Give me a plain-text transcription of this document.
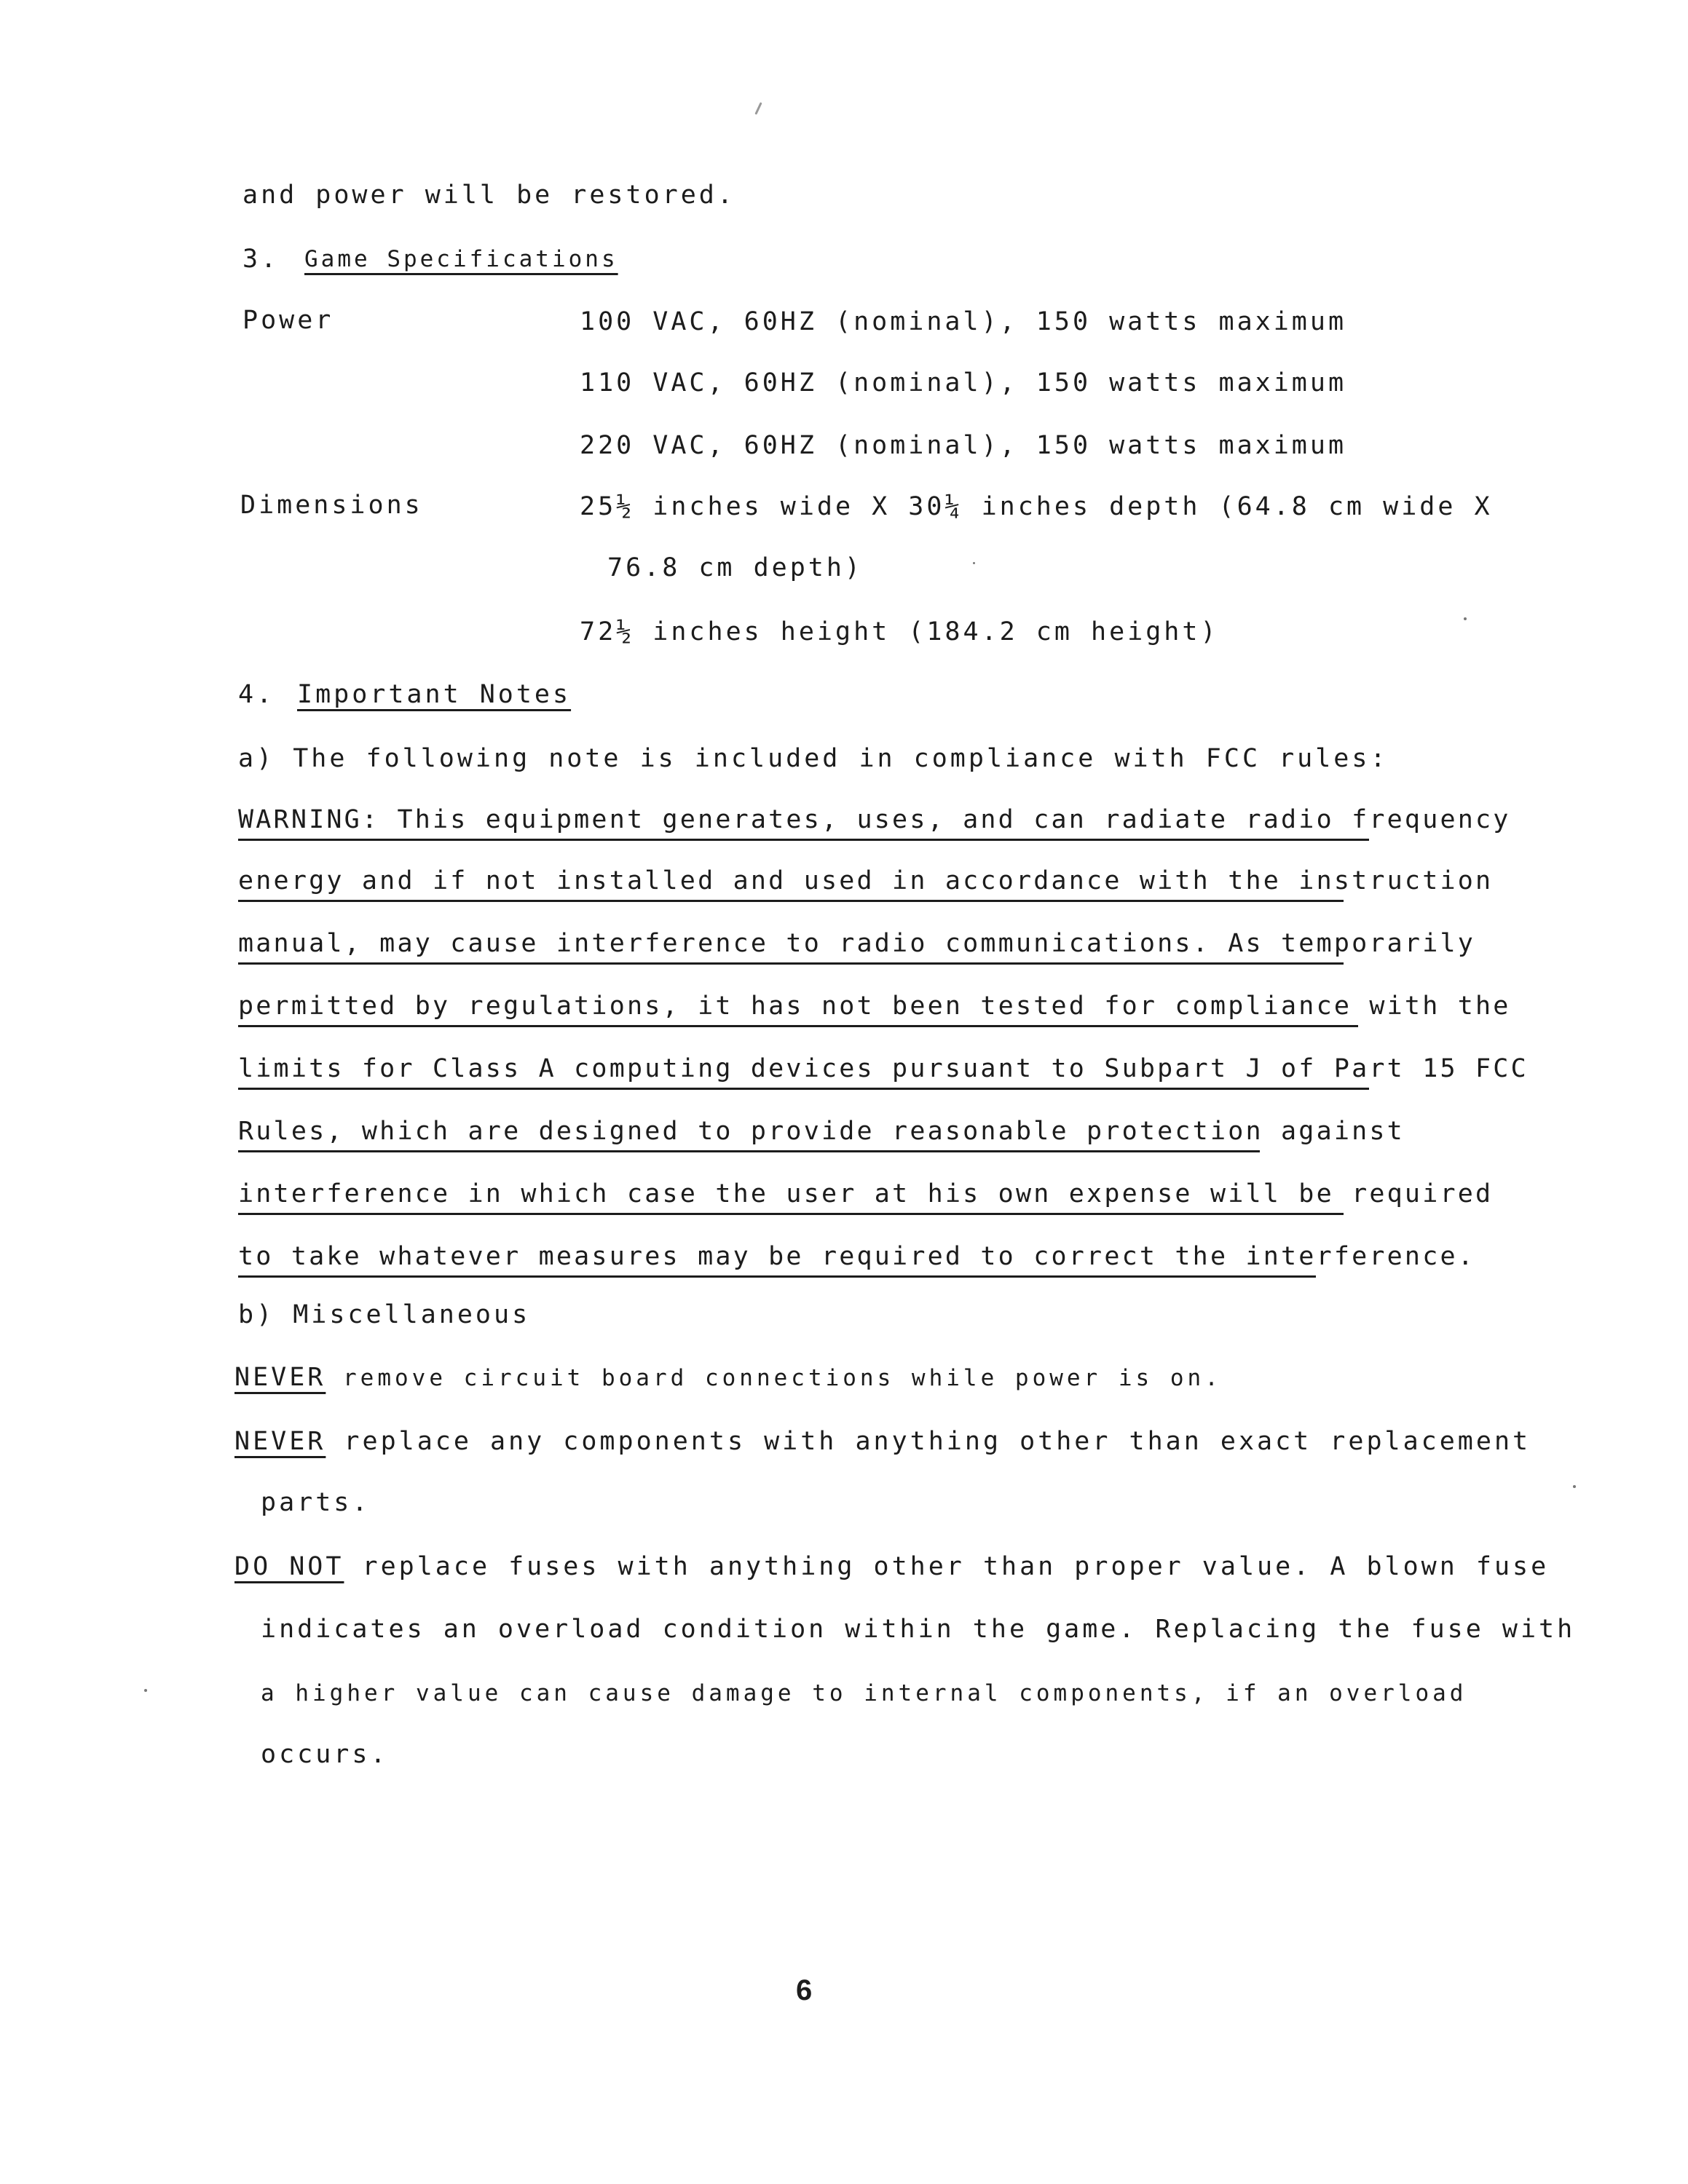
and power will be restored.
3. Game Specifications
Power	100 VAC, 60HZ (nominal), 150 watts maximum
110 VAC, 60HZ (nominal), 150 watts maximum
220 VAC, 60HZ (nominal), 150 watts maximum
Dimensions	25½ inches wide X 30¼ inches depth (64.8 cm wide X
76.8 cm depth)
72½ inches height (184.2 cm height)
4. Important Notes
a) The following note is included in compliance with FCC rules:
WARNING: This equipment generates, uses, and can radiate radio frequency
energy and if not installed and used in accordance with the instruction
manual, may cause interference to radio communications. As temporarily
permitted by regulations, it has not been tested for compliance with the
limits for Class A computing devices pursuant to Subpart J of Part 15 FCC
Rules, which are designed to provide reasonable protection against
interference in which case the user at his own expense will be required
to take whatever measures may be required to correct the interference.
b) Miscellaneous
NEVER remove circuit board connections while power is on.
NEVER replace any components with anything other than exact replacement
parts.
DO NOT replace fuses with anything other than proper value. A blown fuse
indicates an overload condition within the game. Replacing the fuse with
a higher value can cause damage to internal components, if an overload
occurs.
6
